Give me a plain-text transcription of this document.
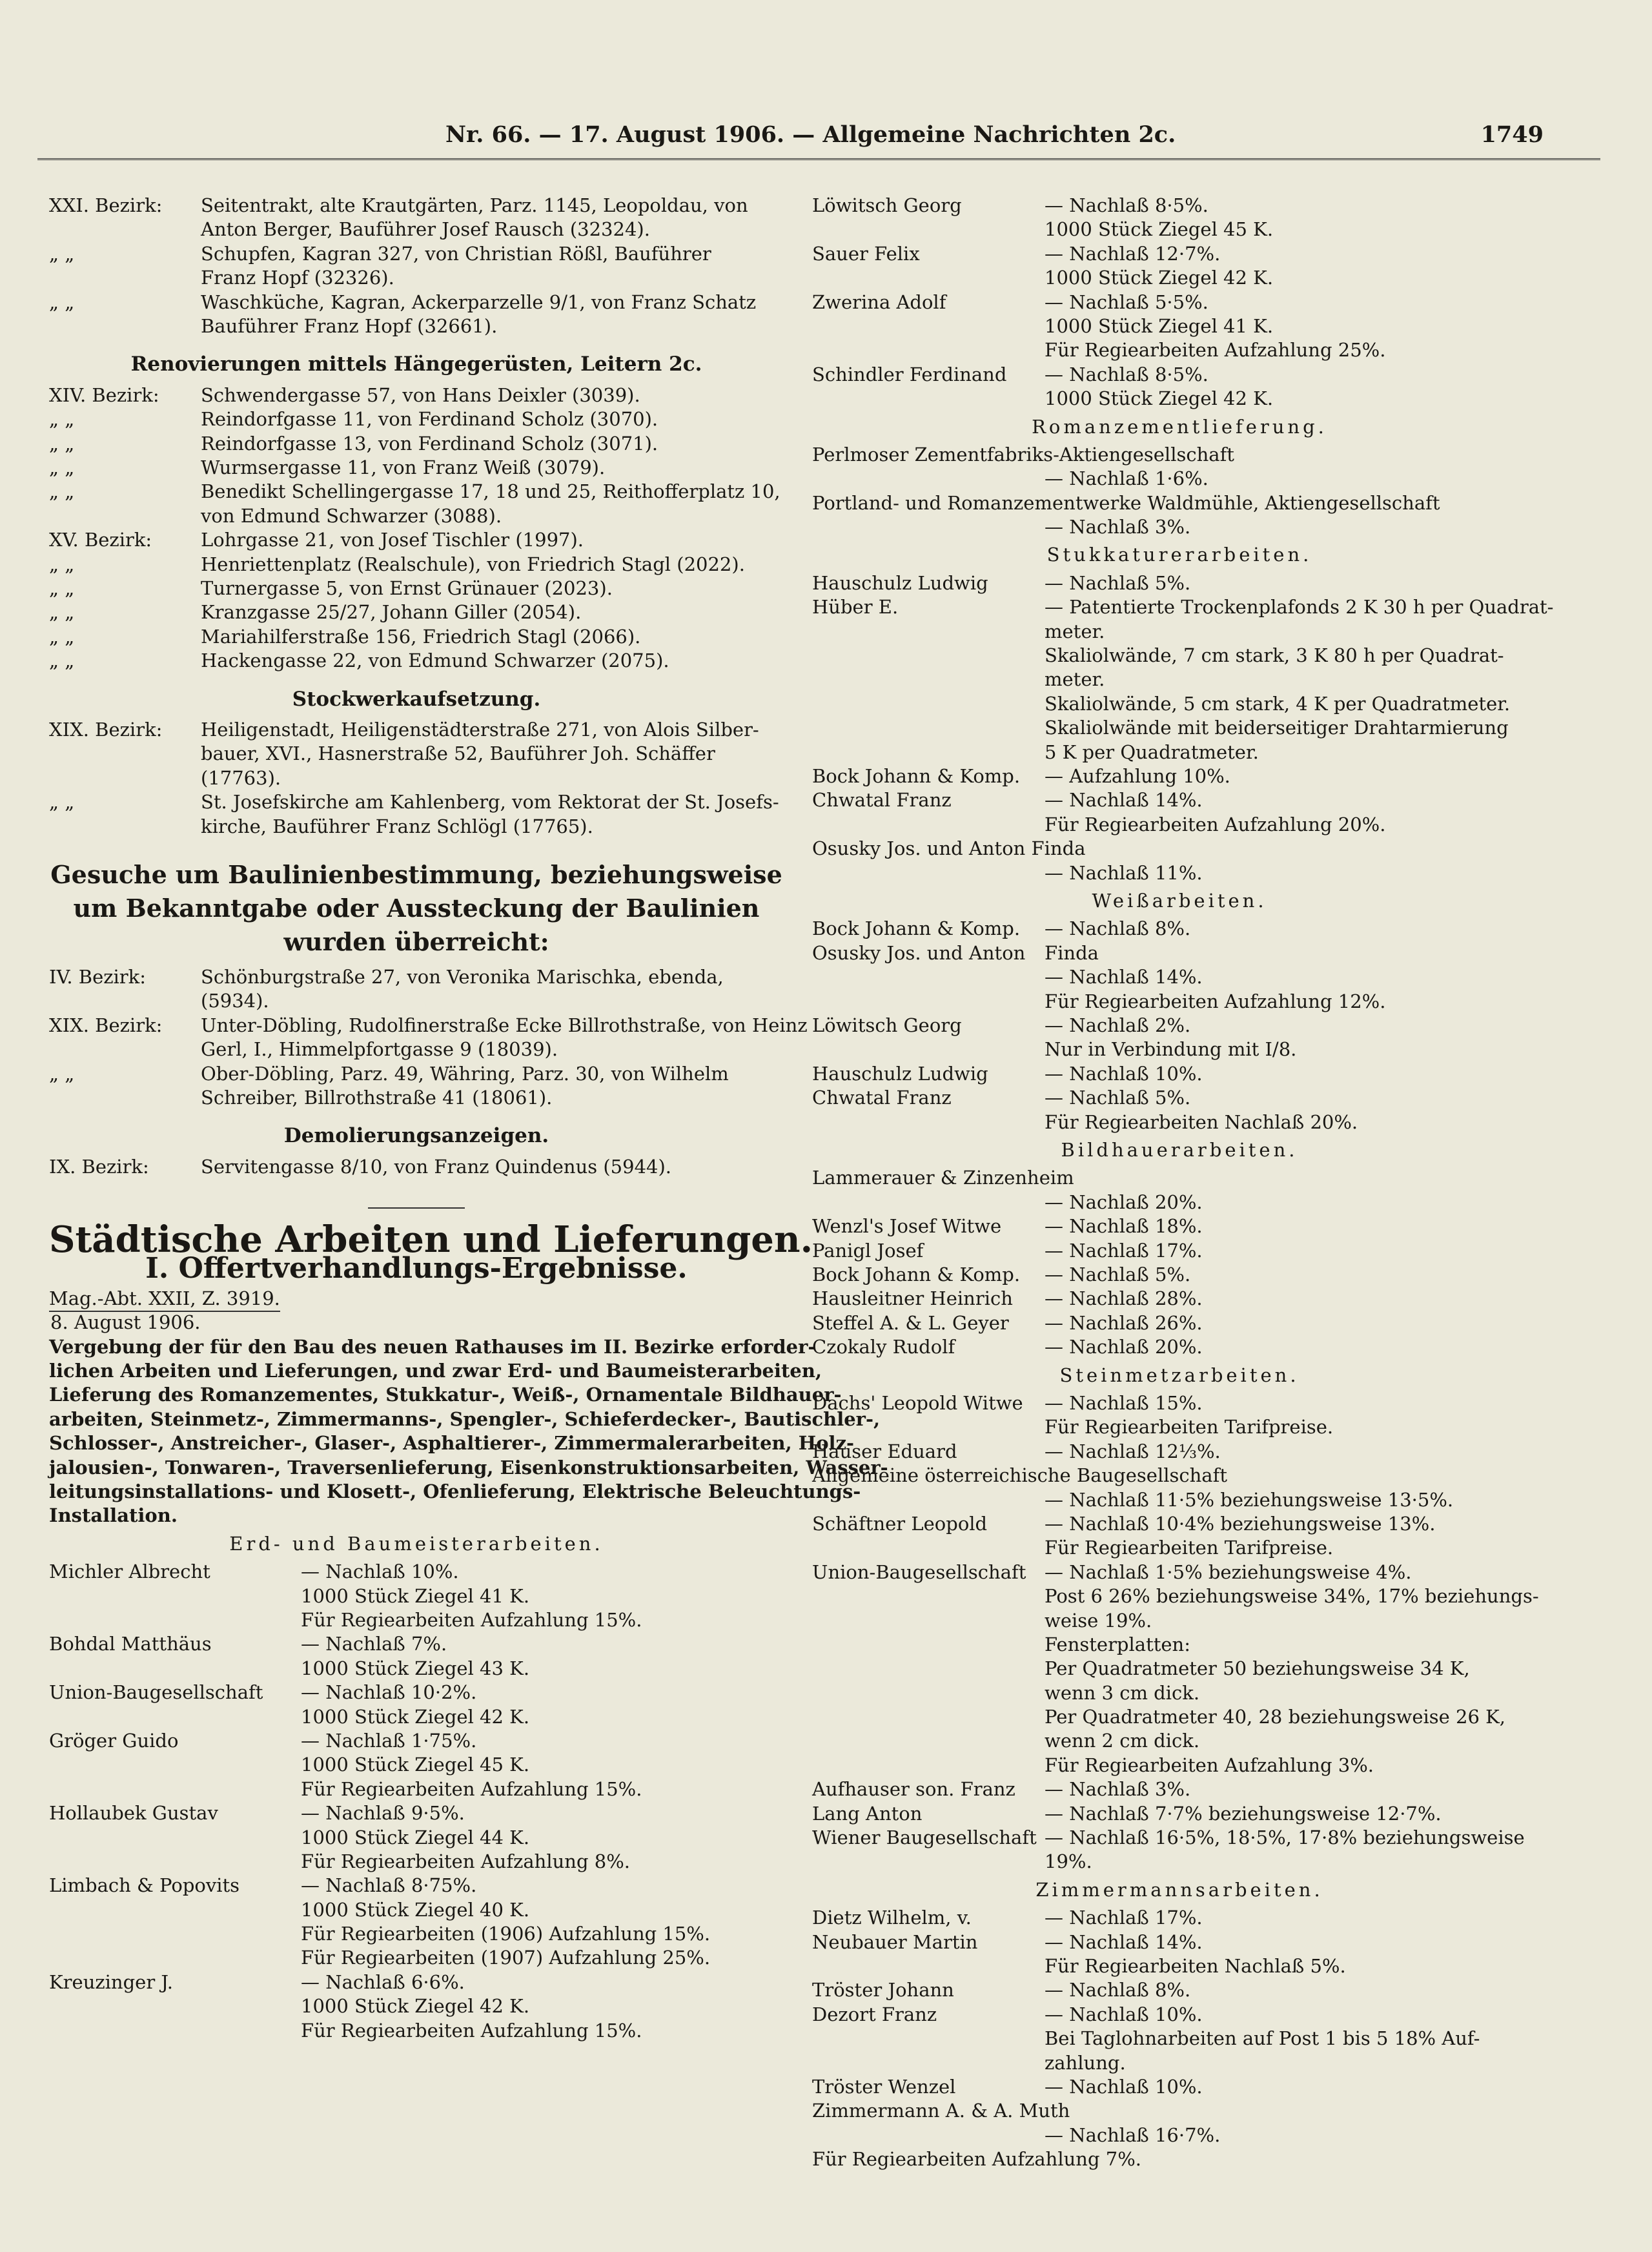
Nr. 66. — 17. August 1906. — Allgemeine Nachrichten 2c.	1749
XXI. Bezirk:	Seitentrakt, alte Krautgärten, Parz. 1145, Leopoldau, von
Anton Berger, Bauführer Josef Rausch (32324).
„ „	Schupfen, Kagran 327, von Christian Rößl, Bauführer
Franz Hopf (32326).
„ „	Waschküche, Kagran, Ackerparzelle 9/1, von Franz Schatz
Bauführer Franz Hopf (32661).
Renovierungen mittels Hängegerüsten, Leitern 2c.
XIV. Bezirk:	Schwendergasse 57, von Hans Deixler (3039).
„ „	Reindorfgasse 11, von Ferdinand Scholz (3070).
„ „	Reindorfgasse 13, von Ferdinand Scholz (3071).
„ „	Wurmsergasse 11, von Franz Weiß (3079).
„ „	Benedikt Schellingergasse 17, 18 und 25, Reithofferplatz 10,
von Edmund Schwarzer (3088).
XV. Bezirk:	Lohrgasse 21, von Josef Tischler (1997).
„ „	Henriettenplatz (Realschule), von Friedrich Stagl (2022).
„ „	Turnergasse 5, von Ernst Grünauer (2023).
„ „	Kranzgasse 25/27, Johann Giller (2054).
„ „	Mariahilferstraße 156, Friedrich Stagl (2066).
„ „	Hackengasse 22, von Edmund Schwarzer (2075).
Stockwerkaufsetzung.
XIX. Bezirk:	Heiligenstadt, Heiligenstädterstraße 271, von Alois Silber-
bauer, XVI., Hasnerstraße 52, Bauführer Joh. Schäffer
(17763).
„ „	St. Josefskirche am Kahlenberg, vom Rektorat der St. Josefs-
kirche, Bauführer Franz Schlögl (17765).
Gesuche um Baulinienbestimmung, beziehungsweise um Bekanntgabe oder Aussteckung der Baulinien wurden überreicht:
IV. Bezirk:	Schönburgstraße 27, von Veronika Marischka, ebenda,
(5934).
XIX. Bezirk:	Unter-Döbling, Rudolfinerstraße Ecke Billrothstraße, von Heinz
Gerl, I., Himmelpfortgasse 9 (18039).
„ „	Ober-Döbling, Parz. 49, Währing, Parz. 30, von Wilhelm
Schreiber, Billrothstraße 41 (18061).
Demolierungsanzeigen.
IX. Bezirk:	Servitengasse 8/10, von Franz Quindenus (5944).
Städtische Arbeiten und Lieferungen.
I. Offertverhandlungs-Ergebnisse.
Mag.-Abt. XXII, Z. 3919.
8. August 1906.
Vergebung der für den Bau des neuen Rathauses im II. Bezirke erforder-
lichen Arbeiten und Lieferungen, und zwar Erd- und Baumeisterarbeiten,
Lieferung des Romanzementes, Stukkatur-, Weiß-, Ornamentale Bildhauer-
arbeiten, Steinmetz-, Zimmermanns-, Spengler-, Schieferdecker-, Bautischler-,
Schlosser-, Anstreicher-, Glaser-, Asphaltierer-, Zimmermalerarbeiten, Holz-
jalousien-, Tonwaren-, Traversenlieferung, Eisenkonstruktionsarbeiten, Wasser-
leitungsinstallations- und Klosett-, Ofenlieferung, Elektrische Beleuchtungs-
Installation.
Erd- und Baumeisterarbeiten.
Michler Albrecht	— Nachlaß 10%.
1000 Stück Ziegel 41 K.
Für Regiearbeiten Aufzahlung 15%.
Bohdal Matthäus	— Nachlaß 7%.
1000 Stück Ziegel 43 K.
Union-Baugesellschaft	— Nachlaß 10·2%.
1000 Stück Ziegel 42 K.
Gröger Guido	— Nachlaß 1·75%.
1000 Stück Ziegel 45 K.
Für Regiearbeiten Aufzahlung 15%.
Hollaubek Gustav	— Nachlaß 9·5%.
1000 Stück Ziegel 44 K.
Für Regiearbeiten Aufzahlung 8%.
Limbach & Popovits	— Nachlaß 8·75%.
1000 Stück Ziegel 40 K.
Für Regiearbeiten (1906) Aufzahlung 15%.
Für Regiearbeiten (1907) Aufzahlung 25%.
Kreuzinger J.	— Nachlaß 6·6%.
1000 Stück Ziegel 42 K.
Für Regiearbeiten Aufzahlung 15%.
Löwitsch Georg	— Nachlaß 8·5%.
1000 Stück Ziegel 45 K.
Sauer Felix	— Nachlaß 12·7%.
1000 Stück Ziegel 42 K.
Zwerina Adolf	— Nachlaß 5·5%.
1000 Stück Ziegel 41 K.
Für Regiearbeiten Aufzahlung 25%.
Schindler Ferdinand	— Nachlaß 8·5%.
1000 Stück Ziegel 42 K.
Romanzementlieferung.
Perlmoser Zementfabriks-Aktiengesellschaft
— Nachlaß 1·6%.
Portland- und Romanzementwerke Waldmühle, Aktiengesellschaft
— Nachlaß 3%.
Stukkaturerarbeiten.
Hauschulz Ludwig	— Nachlaß 5%.
Hüber E.	— Patentierte Trockenplafonds 2 K 30 h per Quadrat-
meter.
Skaliolwände, 7 cm stark, 3 K 80 h per Quadrat-
meter.
Skaliolwände, 5 cm stark, 4 K per Quadratmeter.
Skaliolwände mit beiderseitiger Drahtarmierung
5 K per Quadratmeter.
Bock Johann & Komp.	— Aufzahlung 10%.
Chwatal Franz	— Nachlaß 14%.
Für Regiearbeiten Aufzahlung 20%.
Osusky Jos. und Anton Finda
— Nachlaß 11%.
Weißarbeiten.
Bock Johann & Komp.	— Nachlaß 8%.
Osusky Jos. und Anton	Finda
— Nachlaß 14%.
Für Regiearbeiten Aufzahlung 12%.
Löwitsch Georg	— Nachlaß 2%.
Nur in Verbindung mit I/8.
Hauschulz Ludwig	— Nachlaß 10%.
Chwatal Franz	— Nachlaß 5%.
Für Regiearbeiten Nachlaß 20%.
Bildhauerarbeiten.
Lammerauer & Zinzenheim
— Nachlaß 20%.
Wenzl's Josef Witwe	— Nachlaß 18%.
Panigl Josef	— Nachlaß 17%.
Bock Johann & Komp.	— Nachlaß 5%.
Hausleitner Heinrich	— Nachlaß 28%.
Steffel A. & L. Geyer	— Nachlaß 26%.
Czokaly Rudolf	— Nachlaß 20%.
Steinmetzarbeiten.
Dachs' Leopold Witwe	— Nachlaß 15%.
Für Regiearbeiten Tarifpreise.
Hauser Eduard	— Nachlaß 12⅓%.
Allgemeine österreichische Baugesellschaft
— Nachlaß 11·5% beziehungsweise 13·5%.
Schäftner Leopold	— Nachlaß 10·4% beziehungsweise 13%.
Für Regiearbeiten Tarifpreise.
Union-Baugesellschaft — Nachlaß 1·5% beziehungsweise 4%.
Post 6 26% beziehungsweise 34%, 17% beziehungs-
weise 19%.
Fensterplatten:
Per Quadratmeter 50 beziehungsweise 34 K,
wenn 3 cm dick.
Per Quadratmeter 40, 28 beziehungsweise 26 K,
wenn 2 cm dick.
Für Regiearbeiten Aufzahlung 3%.
Aufhauser son. Franz	— Nachlaß 3%.
Lang Anton	— Nachlaß 7·7% beziehungsweise 12·7%.
Wiener Baugesellschaft — Nachlaß 16·5%, 18·5%, 17·8% beziehungsweise
19%.
Zimmermannsarbeiten.
Dietz Wilhelm, v.	— Nachlaß 17%.
Neubauer Martin	— Nachlaß 14%.
Für Regiearbeiten Nachlaß 5%.
Tröster Johann	— Nachlaß 8%.
Dezort Franz	— Nachlaß 10%.
Bei Taglohnarbeiten auf Post 1 bis 5 18% Auf-
zahlung.
Tröster Wenzel	— Nachlaß 10%.
Zimmermann A. & A. Muth
— Nachlaß 16·7%.
Für Regiearbeiten Aufzahlung 7%.
